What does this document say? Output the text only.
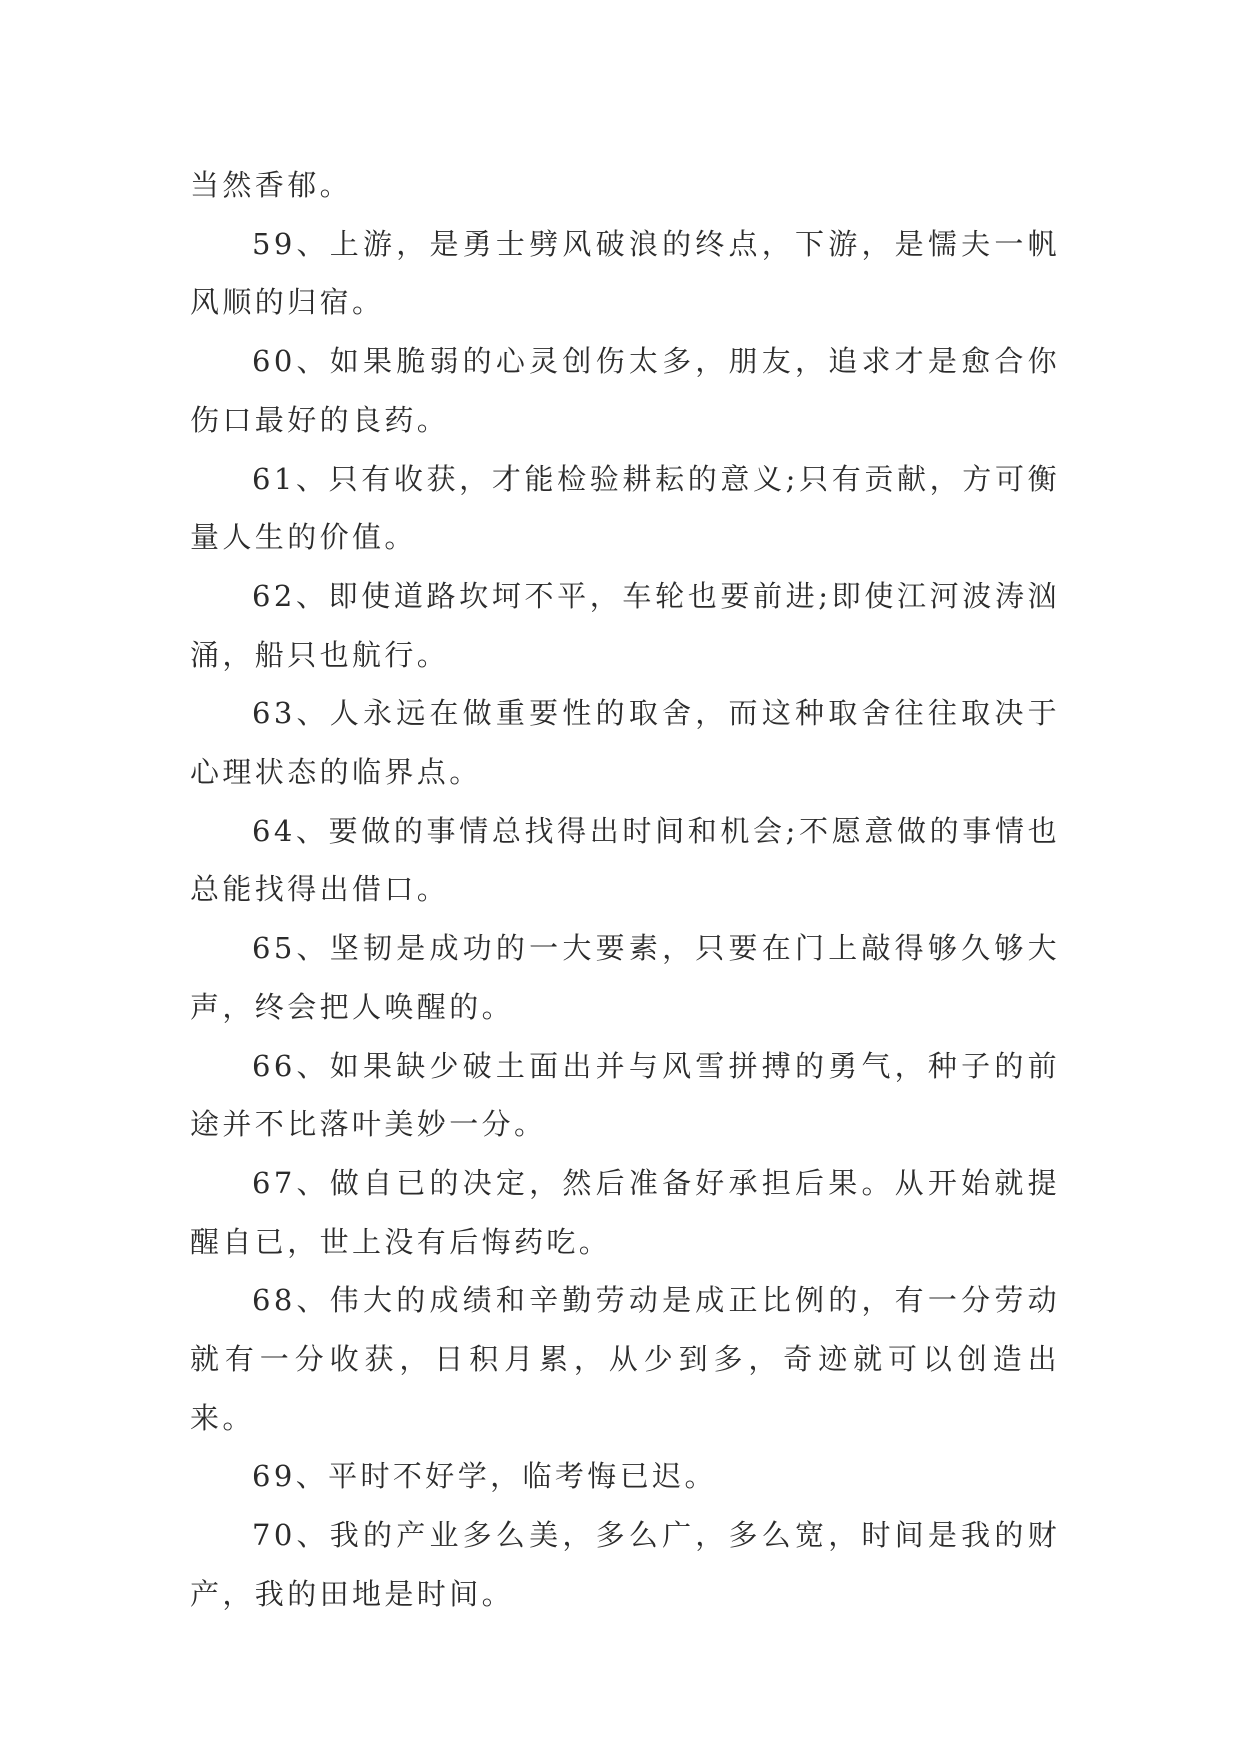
当然香郁。

59、上游，是勇士劈风破浪的终点，下游，是懦夫一帆风顺的归宿。

60、如果脆弱的心灵创伤太多，朋友，追求才是愈合你伤口最好的良药。

61、只有收获，才能检验耕耘的意义;只有贡献，方可衡量人生的价值。

62、即使道路坎坷不平，车轮也要前进;即使江河波涛汹涌，船只也航行。

63、人永远在做重要性的取舍，而这种取舍往往取决于心理状态的临界点。

64、要做的事情总找得出时间和机会;不愿意做的事情也总能找得出借口。

65、坚韧是成功的一大要素，只要在门上敲得够久够大声，终会把人唤醒的。

66、如果缺少破土面出并与风雪拼搏的勇气，种子的前途并不比落叶美妙一分。

67、做自已的决定，然后准备好承担后果。从开始就提醒自已，世上没有后悔药吃。

68、伟大的成绩和辛勤劳动是成正比例的，有一分劳动就有一分收获，日积月累，从少到多，奇迹就可以创造出来。

69、平时不好学，临考悔已迟。

70、我的产业多么美，多么广，多么宽，时间是我的财产，我的田地是时间。
